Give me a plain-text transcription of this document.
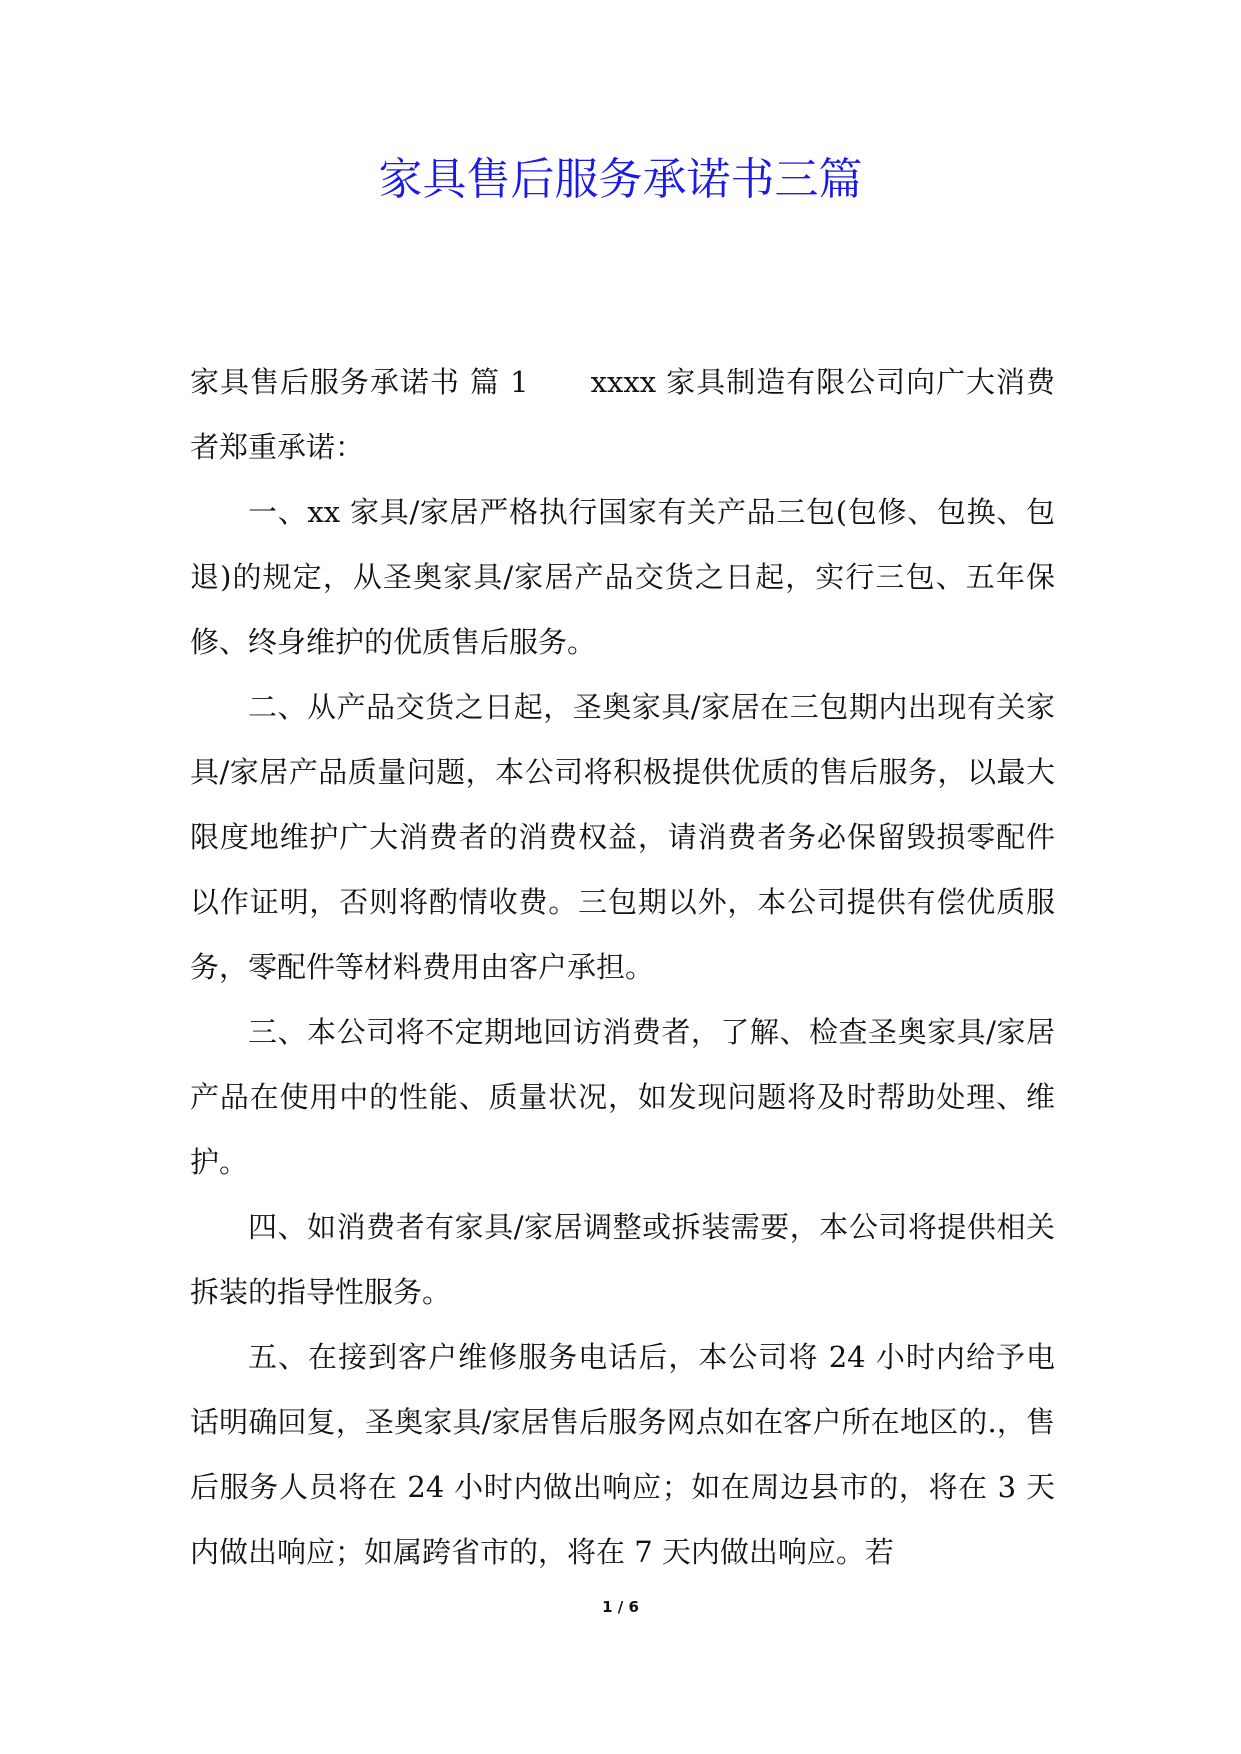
家具售后服务承诺书三篇

家具售后服务承诺书 篇 1 xxxx 家具制造有限公司向广大消费者郑重承诺：

一、xx 家具/家居严格执行国家有关产品三包(包修、包换、包退)的规定，从圣奥家具/家居产品交货之日起，实行三包、五年保修、终身维护的优质售后服务。

二、从产品交货之日起，圣奥家具/家居在三包期内出现有关家具/家居产品质量问题，本公司将积极提供优质的售后服务，以最大限度地维护广大消费者的消费权益，请消费者务必保留毁损零配件以作证明，否则将酌情收费。三包期以外，本公司提供有偿优质服务，零配件等材料费用由客户承担。

三、本公司将不定期地回访消费者，了解、检查圣奥家具/家居产品在使用中的性能、质量状况，如发现问题将及时帮助处理、维护。

四、如消费者有家具/家居调整或拆装需要，本公司将提供相关拆装的指导性服务。

五、在接到客户维修服务电话后，本公司将 24 小时内给予电话明确回复，圣奥家具/家居售后服务网点如在客户所在地区的.，售后服务人员将在 24 小时内做出响应；如在周边县市的，将在 3 天内做出响应；如属跨省市的，将在 7 天内做出响应。若

1 / 6
